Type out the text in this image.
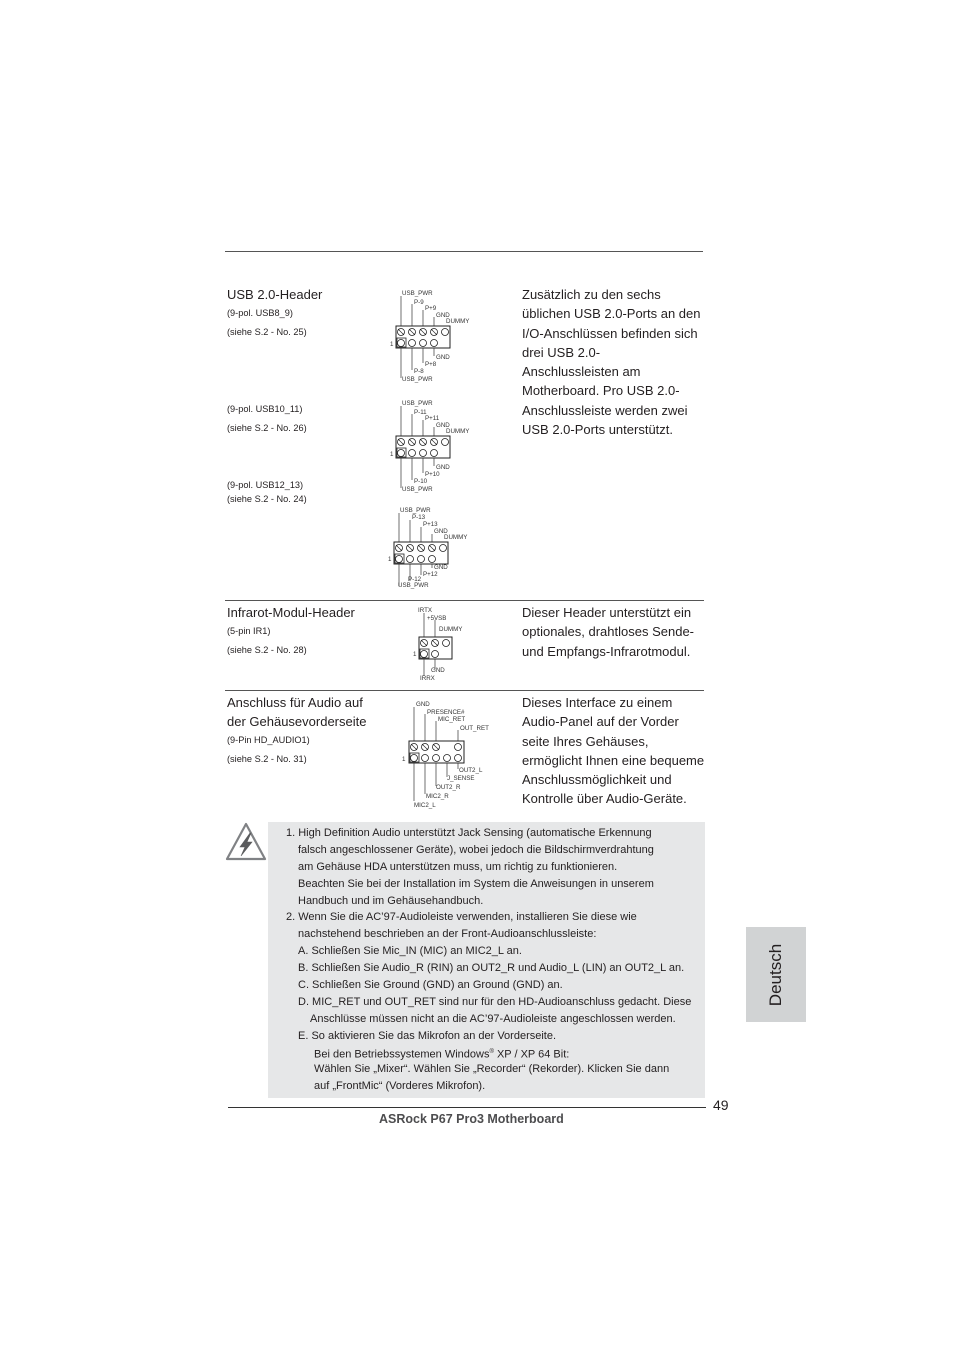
USB 2.0-Header
(9-pol. USB8_9)
(siehe S.2 - No. 25)
(9-pol. USB10_11)
(siehe S.2 - No. 26)
(9-pol. USB12_13)
(siehe S.2 - No. 24)
Zusätzlich zu den sechs
üblichen USB 2.0-Ports an den
I/O-Anschlüssen befinden sich
drei USB 2.0-
Anschlussleisten am
Motherboard. Pro USB 2.0-
Anschlussleiste werden zwei
USB 2.0-Ports unterstützt.
USB_PWR
P-9
P+9
GND
DUMMY
1
GND
P+8
P-8
USB_PWR
USB_PWR
P-11
P+11
GND
DUMMY
1
GND
P+10
P-10
USB_PWR
USB_PWR
P-13
P+13
GND
DUMMY
1
GND
P+12
P-12
USB_PWR
Infrarot-Modul-Header
(5-pin IR1)
(siehe S.2 - No. 28)
Dieser Header unterstützt ein
optionales, drahtloses Sende-
und Empfangs-Infrarotmodul.
IRTX
+5VSB
DUMMY
1
GND
IRRX
Anschluss für Audio auf
der Gehäusevorderseite
(9-Pin HD_AUDIO1)
(siehe S.2 - No. 31)
Dieses Interface zu einem
Audio-Panel auf der Vorder
seite Ihres Gehäuses,
ermöglicht Ihnen eine bequeme
Anschlussmöglichkeit und
Kontrolle über Audio-Geräte.
GND
PRESENCE#
MIC_RET
OUT_RET
1
OUT2_L
J_SENSE
OUT2_R
MIC2_R
MIC2_L
1. High Definition Audio unterstützt Jack Sensing (automatische Erkennung
falsch angeschlossener Geräte), wobei jedoch die Bildschirmverdrahtung
am Gehäuse HDA unterstützen muss, um richtig zu funktionieren.
Beachten Sie bei der Installation im System die Anweisungen in unserem
Handbuch und im Gehäusehandbuch.
2. Wenn Sie die AC’97-Audioleiste verwenden, installieren Sie diese wie
nachstehend beschrieben an der Front-Audioanschlussleiste:
A. Schließen Sie Mic_IN (MIC) an MIC2_L an.
B. Schließen Sie Audio_R (RIN) an OUT2_R und Audio_L (LIN) an OUT2_L an.
C. Schließen Sie Ground (GND) an Ground (GND) an.
D. MIC_RET und OUT_RET sind nur für den HD-Audioanschluss gedacht. Diese
Anschlüsse müssen nicht an die AC’97-Audioleiste angeschlossen werden.
E. So aktivieren Sie das Mikrofon an der Vorderseite.
Bei den Betriebssystemen Windows® XP / XP 64 Bit:
Wählen Sie „Mixer“. Wählen Sie „Recorder“ (Rekorder). Klicken Sie dann
auf „FrontMic“ (Vorderes Mikrofon).
Deutsch
49
ASRock P67 Pro3 Motherboard
